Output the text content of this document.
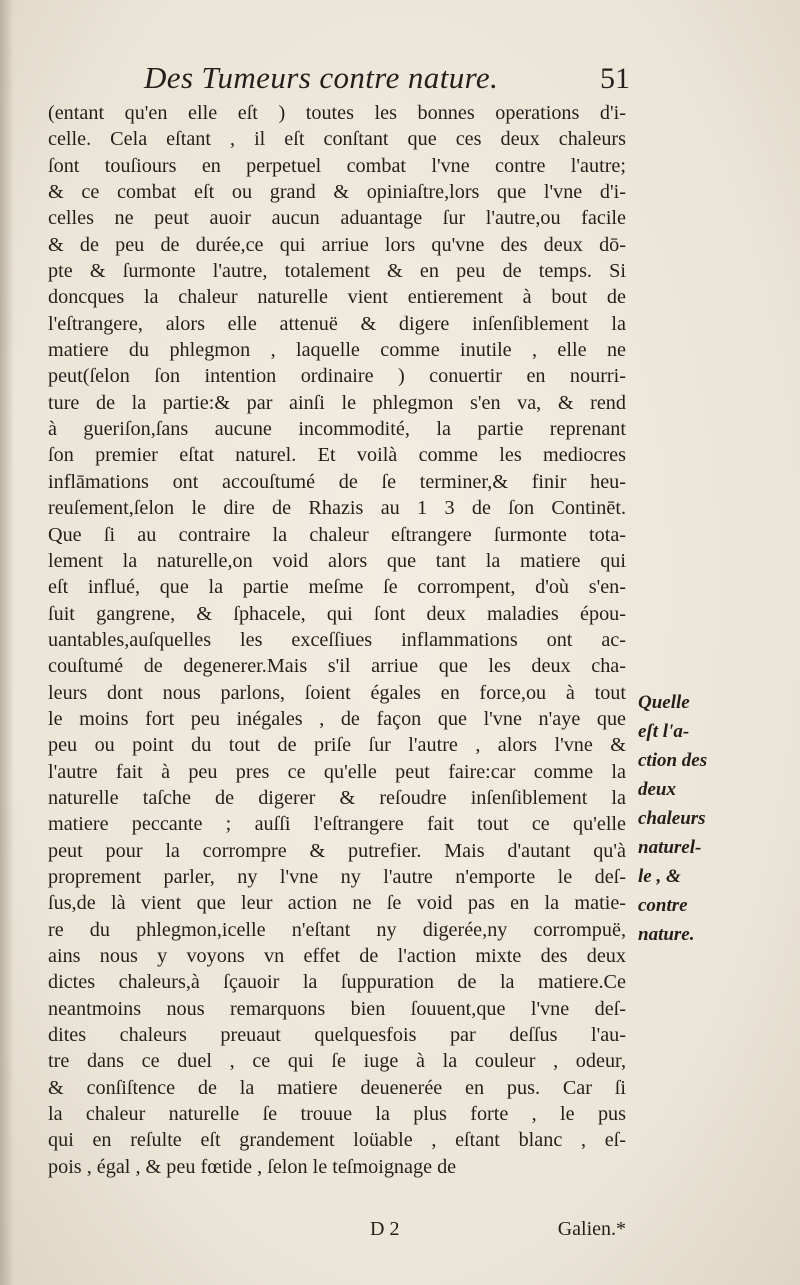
Des Tumeurs contre nature.	51
(entant qu'en elle eſt ) toutes les bonnes operations d'i-
celle. Cela eſtant , il eſt conſtant que ces deux chaleurs
ſont touſiours en perpetuel combat l'vne contre l'autre;
& ce combat eſt ou grand & opiniaſtre,lors que l'vne d'i-
celles ne peut auoir aucun aduantage ſur l'autre,ou facile
& de peu de durée,ce qui arriue lors qu'vne des deux dō-
pte & ſurmonte l'autre, totalement & en peu de temps. Si
doncques la chaleur naturelle vient entierement à bout de
l'eſtrangere, alors elle attenuë & digere inſenſiblement la
matiere du phlegmon , laquelle comme inutile , elle ne
peut(ſelon ſon intention ordinaire ) conuertir en nourri-
ture de la partie:& par ainſi le phlegmon s'en va, & rend
à gueriſon,ſans aucune incommodité, la partie reprenant
ſon premier eſtat naturel. Et voilà comme les mediocres
inflāmations ont accouſtumé de ſe terminer,& finir heu-
reuſement,ſelon le dire de Rhazis au 1 3 de ſon Continēt.
Que ſi au contraire la chaleur eſtrangere ſurmonte tota-
lement la naturelle,on void alors que tant la matiere qui
eſt influé, que la partie meſme ſe corrompent, d'où s'en-
ſuit gangrene, & ſphacele, qui ſont deux maladies épou-
uantables,auſquelles les exceſſiues inflammations ont ac-
couſtumé de degenerer.Mais s'il arriue que les deux cha-
leurs dont nous parlons, ſoient égales en force,ou à tout
le moins fort peu inégales , de façon que l'vne n'aye que
peu ou point du tout de priſe ſur l'autre , alors l'vne &
l'autre fait à peu pres ce qu'elle peut faire:car comme la
naturelle taſche de digerer & reſoudre inſenſiblement la
matiere peccante ; auſſi l'eſtrangere fait tout ce qu'elle
peut pour la corrompre & putrefier. Mais d'autant qu'à
proprement parler, ny l'vne ny l'autre n'emporte le deſ-
ſus,de là vient que leur action ne ſe void pas en la matie-
re du phlegmon,icelle n'eſtant ny digerée,ny corrompuë,
ains nous y voyons vn effet de l'action mixte des deux
dictes chaleurs,à ſçauoir la ſuppuration de la matiere.Ce
neantmoins nous remarquons bien ſouuent,que l'vne deſ-
dites chaleurs preuaut quelquesfois par deſſus l'au-
tre dans ce duel , ce qui ſe iuge à la couleur , odeur,
& conſiſtence de la matiere deuenerée en pus. Car ſi
la chaleur naturelle ſe trouue la plus forte , le pus
qui en reſulte eſt grandement loüable , eſtant blanc , eſ-
pois , égal , & peu fœtide , ſelon le teſmoignage de
Quelle
eſt l'a-
ction des
deux
chaleurs
naturel-
le , &
contre
nature.
D 2	Galien.*
